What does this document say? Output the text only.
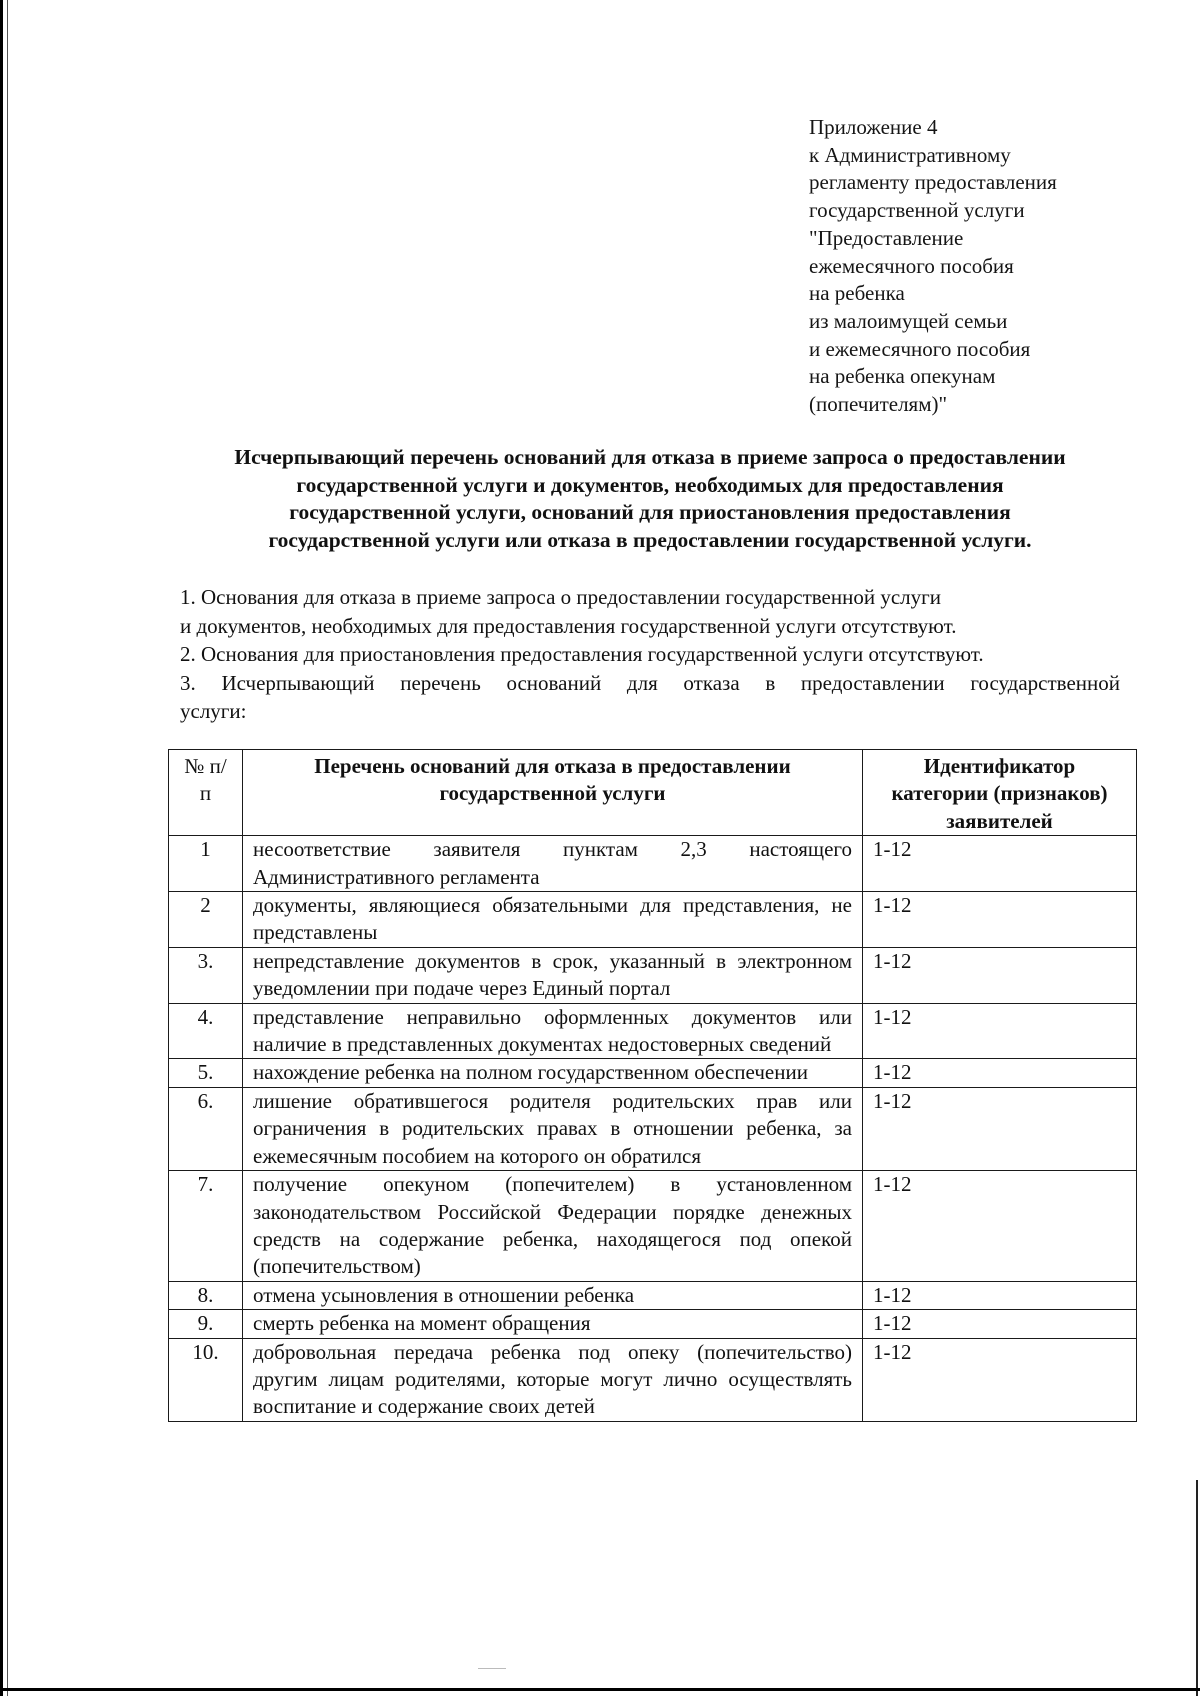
Приложение 4
к Административному
регламенту предоставления
государственной услуги
"Предоставление
ежемесячного пособия
на ребенка
из малоимущей семьи
и ежемесячного пособия
на ребенка опекунам
(попечителям)"
Исчерпывающий перечень оснований для отказа в приеме запроса о предоставлении
государственной услуги и документов, необходимых для предоставления
государственной услуги, оснований для приостановления предоставления
государственной услуги или отказа в предоставлении государственной услуги.
1. Основания для отказа в приеме запроса о предоставлении государственной услуги
и документов, необходимых для предоставления государственной услуги отсутствуют.
2. Основания для приостановления предоставления государственной услуги отсутствуют.
3. Исчерпывающий перечень оснований для отказа в предоставлении государственной
услуги:
№ п/п	Перечень оснований для отказа в предоставлении государственной услуги	Идентификатор категории (признаков) заявителей
1	несоответствие заявителя пунктам 2,3 настоящего Административного регламента	1-12
2	документы, являющиеся обязательными для представления, не представлены	1-12
3.	непредставление документов в срок, указанный в электронном уведомлении при подаче через Единый портал	1-12
4.	представление неправильно оформленных документов или наличие в представленных документах недостоверных сведений	1-12
5.	нахождение ребенка на полном государственном обеспечении	1-12
6.	лишение обратившегося родителя родительских прав или ограничения в родительских правах в отношении ребенка, за ежемесячным пособием на которого он обратился	1-12
7.	получение опекуном (попечителем) в установленном законодательством Российской Федерации порядке денежных средств на содержание ребенка, находящегося под опекой (попечительством)	1-12
8.	отмена усыновления в отношении ребенка	1-12
9.	смерть ребенка на момент обращения	1-12
10.	добровольная передача ребенка под опеку (попечительство) другим лицам родителями, которые могут лично осуществлять воспитание и содержание своих детей	1-12
